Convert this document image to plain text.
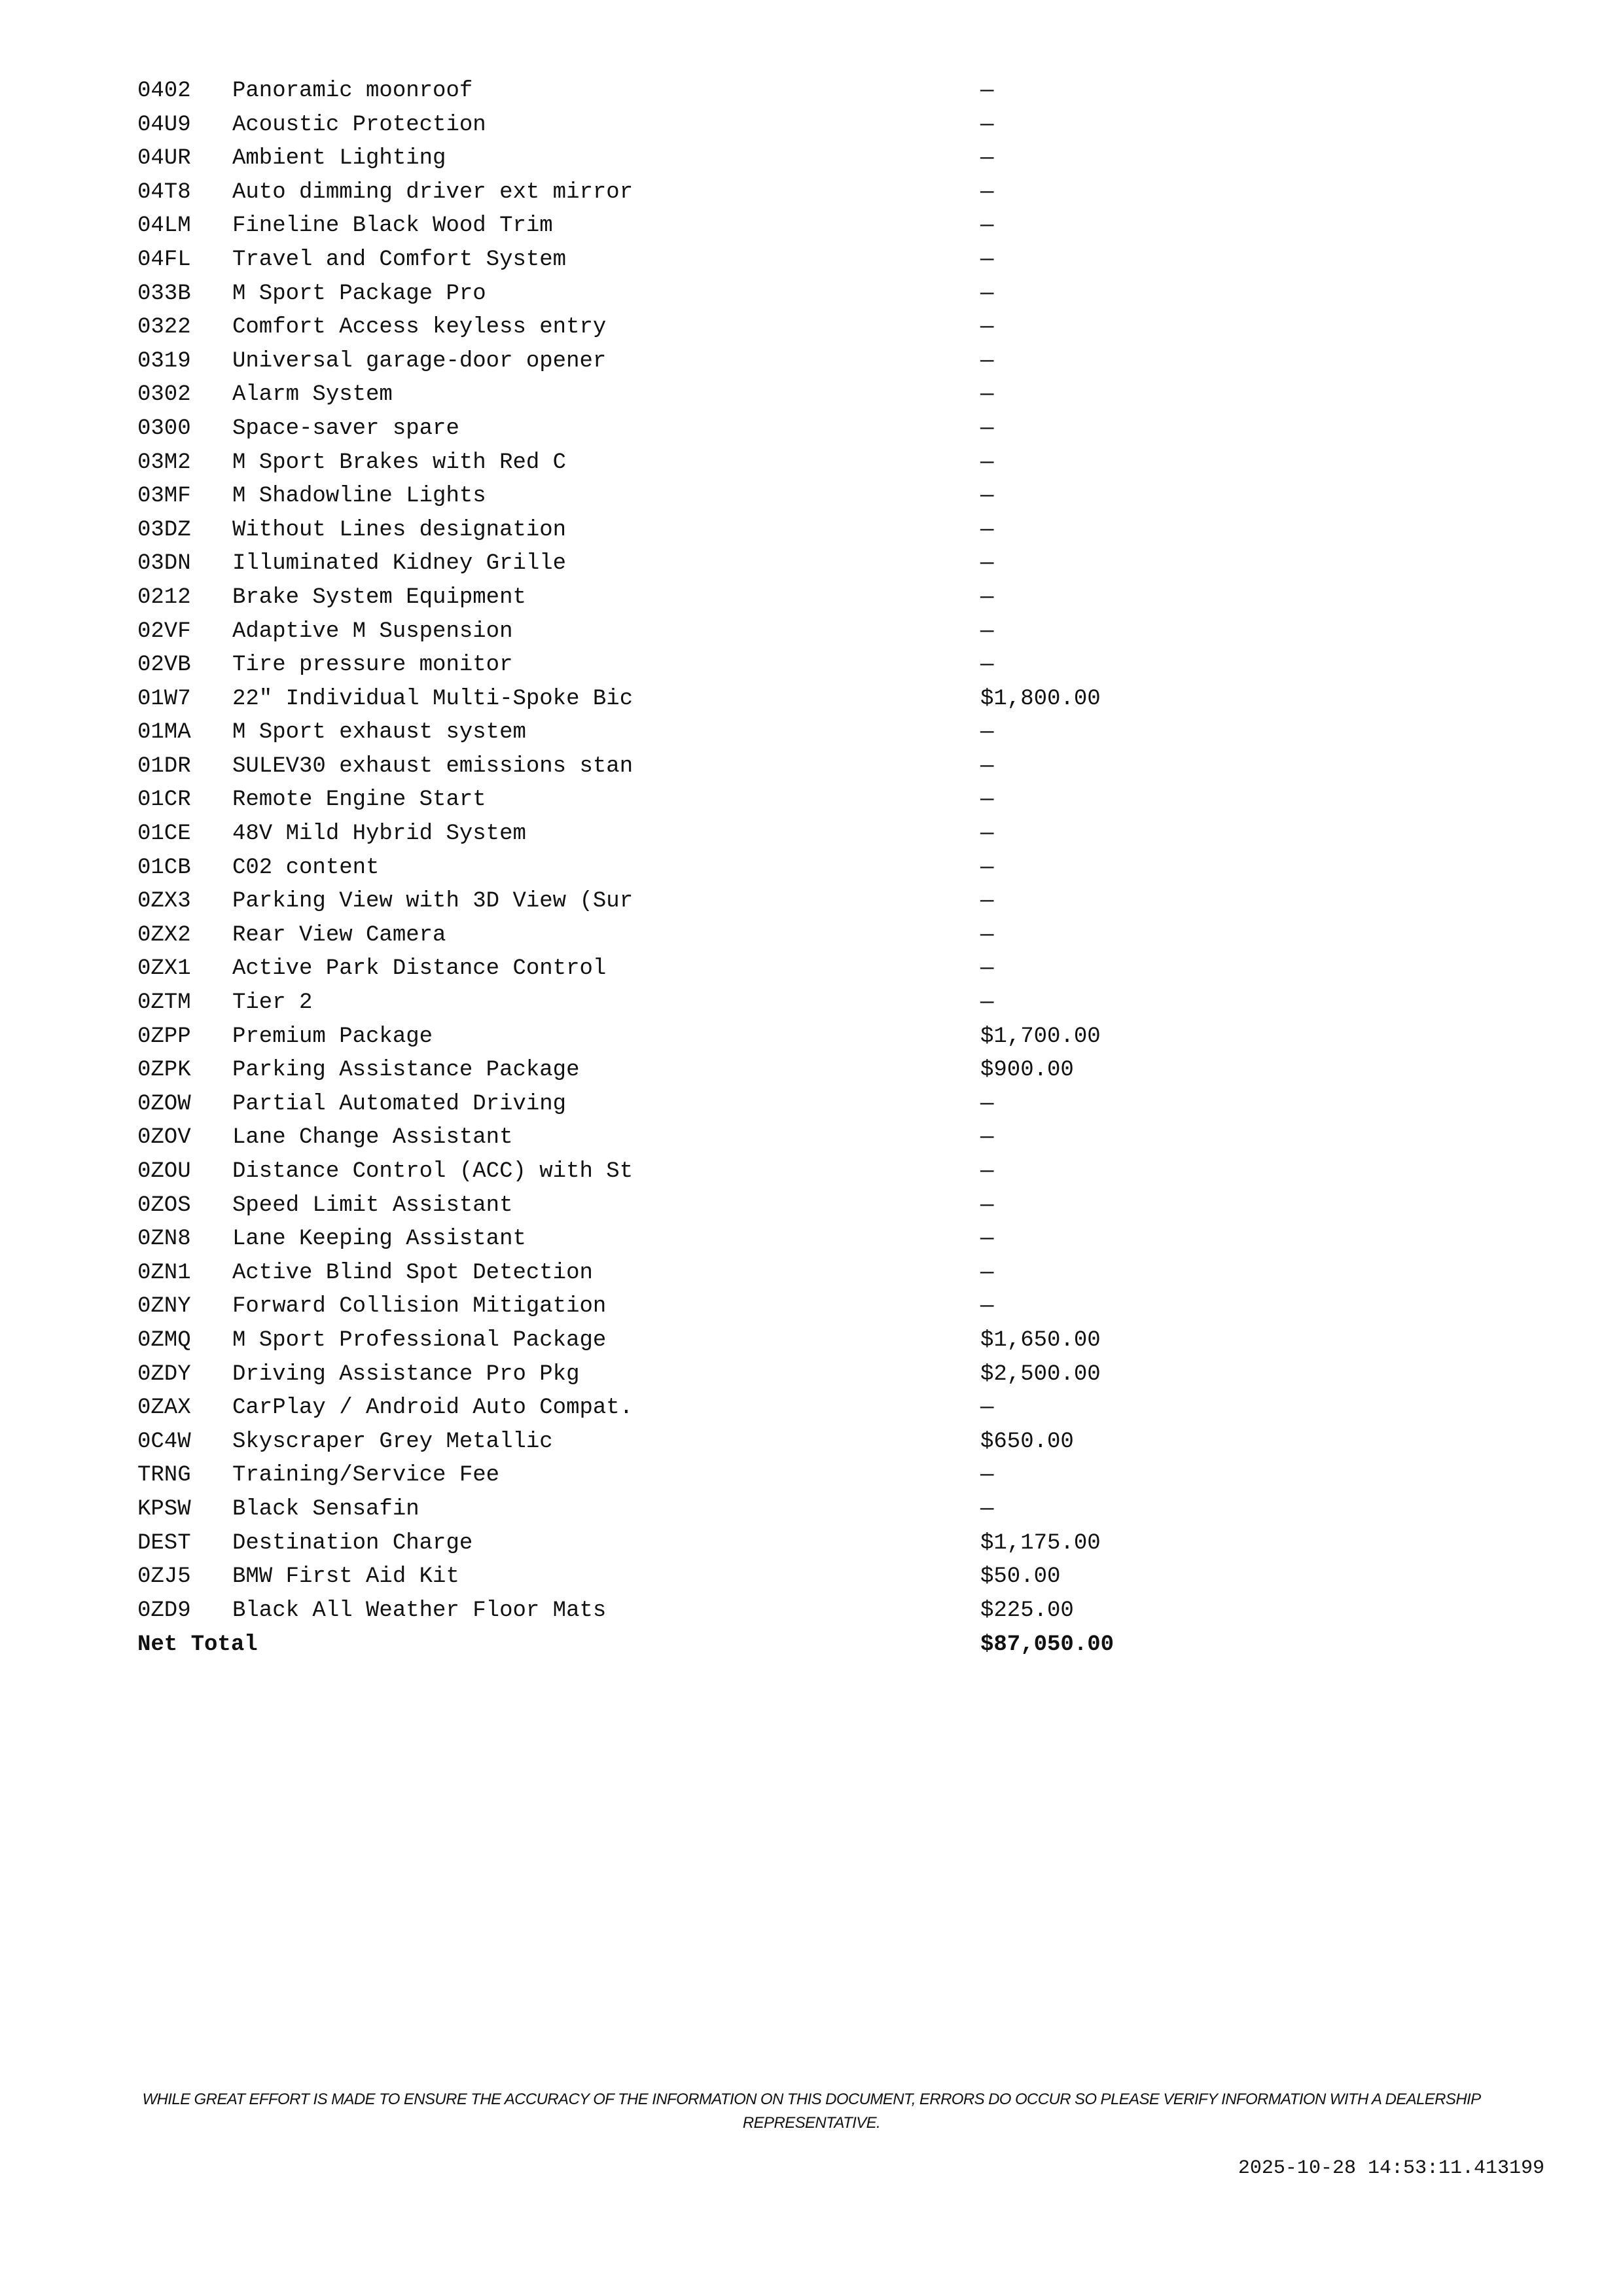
0402 Panoramic moonroof	—
04U9 Acoustic Protection	—
04UR Ambient Lighting	—
04T8 Auto dimming driver ext mirror	—
04LM Fineline Black Wood Trim	—
04FL Travel and Comfort System	—
033B M Sport Package Pro	—
0322 Comfort Access keyless entry	—
0319 Universal garage-door opener	—
0302 Alarm System	—
0300 Space-saver spare	—
03M2 M Sport Brakes with Red C	—
03MF M Shadowline Lights	—
03DZ Without Lines designation	—
03DN Illuminated Kidney Grille	—
0212 Brake System Equipment	—
02VF Adaptive M Suspension	—
02VB Tire pressure monitor	—
01W7 22" Individual Multi-Spoke Bic	$1,800.00
01MA M Sport exhaust system	—
01DR SULEV30 exhaust emissions stan	—
01CR Remote Engine Start	—
01CE 48V Mild Hybrid System	—
01CB C02 content	—
0ZX3 Parking View with 3D View (Sur	—
0ZX2 Rear View Camera	—
0ZX1 Active Park Distance Control	—
0ZTM Tier 2	—
0ZPP Premium Package	$1,700.00
0ZPK Parking Assistance Package	$900.00
0ZOW Partial Automated Driving	—
0ZOV Lane Change Assistant	—
0ZOU Distance Control (ACC) with St	—
0ZOS Speed Limit Assistant	—
0ZN8 Lane Keeping Assistant	—
0ZN1 Active Blind Spot Detection	—
0ZNY Forward Collision Mitigation	—
0ZMQ M Sport Professional Package	$1,650.00
0ZDY Driving Assistance Pro Pkg	$2,500.00
0ZAX CarPlay / Android Auto Compat.	—
0C4W Skyscraper Grey Metallic	$650.00
TRNG Training/Service Fee	—
KPSW Black Sensafin	—
DEST Destination Charge	$1,175.00
0ZJ5 BMW First Aid Kit	$50.00
0ZD9 Black All Weather Floor Mats	$225.00
Net Total	$87,050.00
WHILE GREAT EFFORT IS MADE TO ENSURE THE ACCURACY OF THE INFORMATION ON THIS DOCUMENT, ERRORS DO OCCUR SO PLEASE VERIFY INFORMATION WITH A DEALERSHIP REPRESENTATIVE.
2025-10-28 14:53:11.413199
